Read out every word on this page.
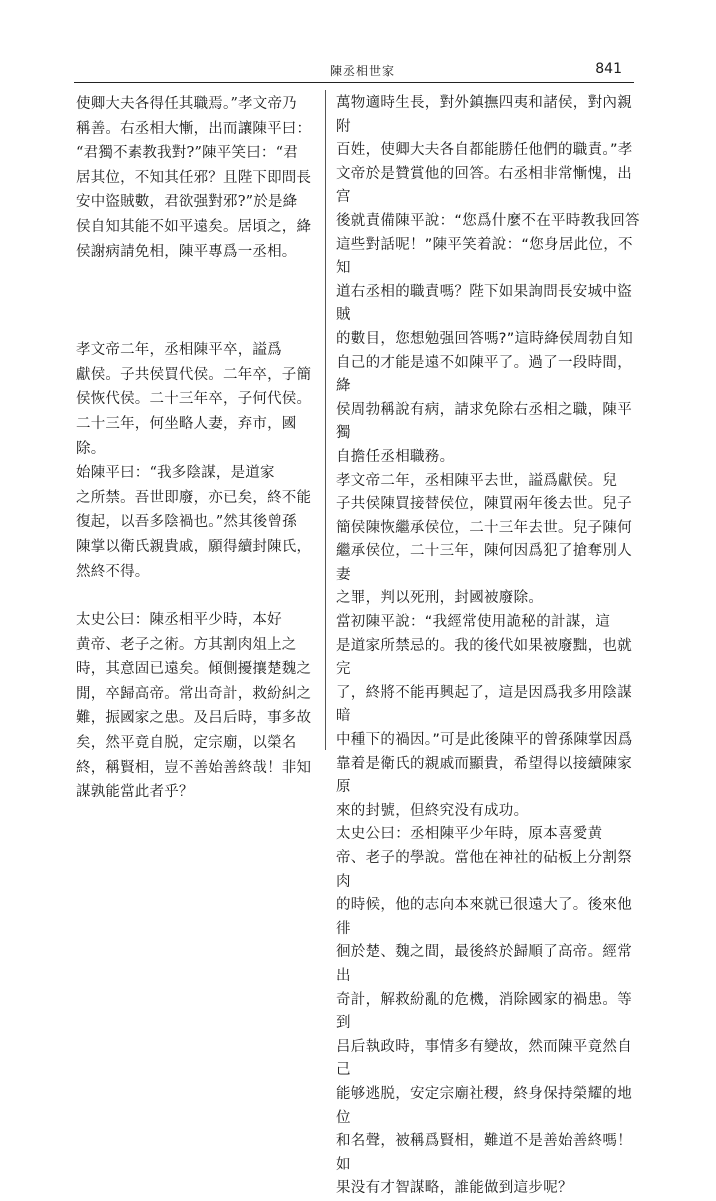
陳丞相世家	841

使卿大夫各得任其職焉。”孝文帝乃
稱善。右丞相大慚，出而讓陳平曰：
“君獨不素教我對?”陳平笑曰：“君
居其位，不知其任邪？且陛下即問長
安中盜賊數，君欲强對邪?”於是絳
侯自知其能不如平遠矣。居頃之，絳
侯謝病請免相，陳平專爲一丞相。

孝文帝二年，丞相陳平卒，謚爲
獻侯。子共侯買代侯。二年卒，子簡
侯恢代侯。二十三年卒，子何代侯。
二十三年，何坐略人妻，弃市，國
除。

始陳平曰：“我多陰謀，是道家
之所禁。吾世即廢，亦已矣，終不能
復起，以吾多陰禍也。”然其後曾孫
陳掌以衛氏親貴戚，願得續封陳氏，
然終不得。

太史公曰：陳丞相平少時，本好
黄帝、老子之術。方其割肉俎上之
時，其意固已遠矣。傾側擾攘楚魏之
閒，卒歸高帝。常出奇計，救紛糾之
難，振國家之患。及吕后時，事多故
矣，然平竟自脱，定宗廟，以榮名
終，稱賢相，豈不善始善終哉！非知
謀孰能當此者乎？

萬物適時生長，對外鎮撫四夷和諸侯，對內親附
百姓，使卿大夫各自都能勝任他們的職責。”孝
文帝於是贊賞他的回答。右丞相非常慚愧，出宫
後就責備陳平說：“您爲什麼不在平時教我回答
這些對話呢！”陳平笑着說：“您身居此位，不知
道右丞相的職責嗎？陛下如果詢問長安城中盜賊
的數目，您想勉强回答嗎?”這時絳侯周勃自知
自己的才能是遠不如陳平了。過了一段時間，絳
侯周勃稱說有病，請求免除右丞相之職，陳平獨
自擔任丞相職務。

孝文帝二年，丞相陳平去世，謚爲獻侯。兒
子共侯陳買接替侯位，陳買兩年後去世。兒子
簡侯陳恢繼承侯位，二十三年去世。兒子陳何
繼承侯位，二十三年，陳何因爲犯了搶奪別人妻
之罪，判以死刑，封國被廢除。

當初陳平說：“我經常使用詭秘的計謀，這
是道家所禁忌的。我的後代如果被廢黜，也就完
了，終將不能再興起了，這是因爲我多用陰謀暗
中種下的禍因。”可是此後陳平的曾孫陳掌因爲
靠着是衛氏的親戚而顯貴，希望得以接續陳家原
來的封號，但終究没有成功。

太史公曰：丞相陳平少年時，原本喜愛黄
帝、老子的學說。當他在神社的砧板上分割祭肉
的時候，他的志向本來就已很遠大了。後來他徘
徊於楚、魏之間，最後終於歸順了高帝。經常出
奇計，解救紛亂的危機，消除國家的禍患。等到
吕后執政時，事情多有變故，然而陳平竟然自己
能够逃脱，安定宗廟社稷，終身保持榮耀的地位
和名聲，被稱爲賢相，難道不是善始善終嗎！如
果没有才智謀略，誰能做到這步呢？
